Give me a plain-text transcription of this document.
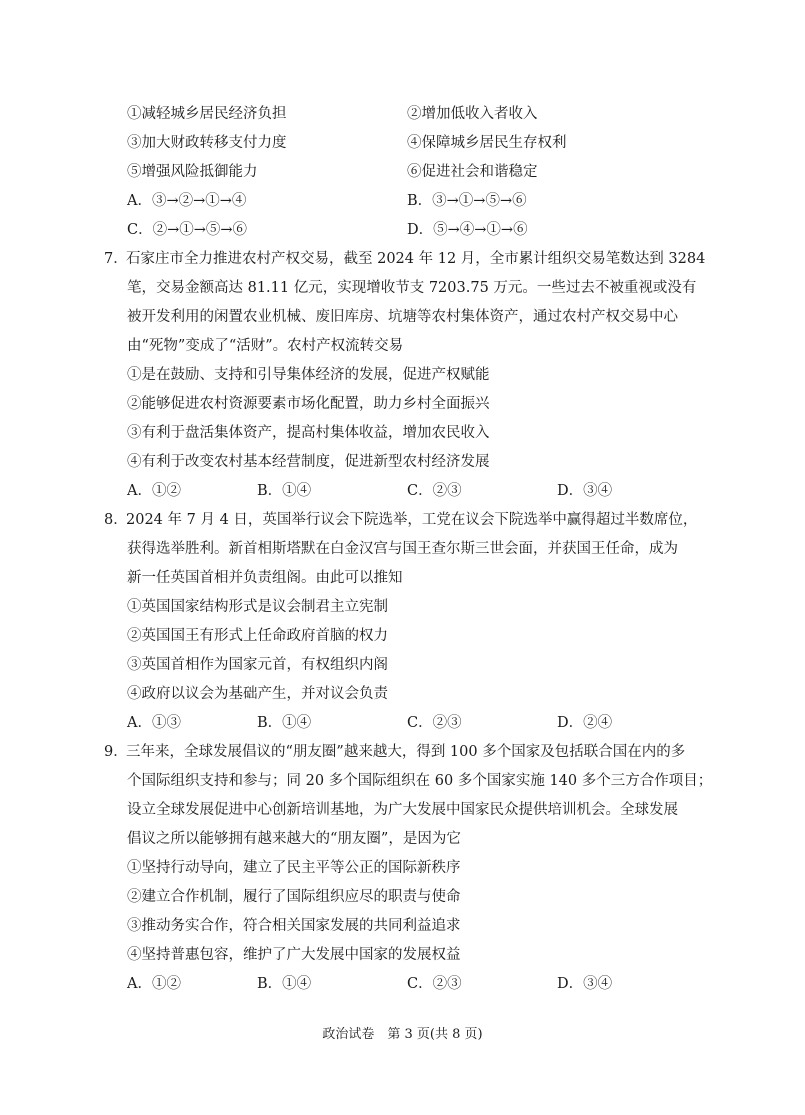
①减轻城乡居民经济负担	②增加低收入者收入
③加大财政转移支付力度	④保障城乡居民生存权利
⑤增强风险抵御能力	⑥促进社会和谐稳定
A．③→②→①→④	B．③→①→⑤→⑥
C．②→①→⑤→⑥	D．⑤→④→①→⑥
7．石家庄市全力推进农村产权交易，截至 2024 年 12 月，全市累计组织交易笔数达到 3284
笔，交易金额高达 81.11 亿元，实现增收节支 7203.75 万元。一些过去不被重视或没有
被开发利用的闲置农业机械、废旧库房、坑塘等农村集体资产，通过农村产权交易中心
由“死物”变成了“活财”。农村产权流转交易
①是在鼓励、支持和引导集体经济的发展，促进产权赋能
②能够促进农村资源要素市场化配置，助力乡村全面振兴
③有利于盘活集体资产，提高村集体收益，增加农民收入
④有利于改变农村基本经营制度，促进新型农村经济发展
A．①②	B．①④	C．②③	D．③④
8．2024 年 7 月 4 日，英国举行议会下院选举，工党在议会下院选举中赢得超过半数席位，
获得选举胜利。新首相斯塔默在白金汉宫与国王查尔斯三世会面，并获国王任命，成为
新一任英国首相并负责组阁。由此可以推知
①英国国家结构形式是议会制君主立宪制
②英国国王有形式上任命政府首脑的权力
③英国首相作为国家元首，有权组织内阁
④政府以议会为基础产生，并对议会负责
A．①③	B．①④	C．②③	D．②④
9．三年来，全球发展倡议的“朋友圈”越来越大，得到 100 多个国家及包括联合国在内的多
个国际组织支持和参与；同 20 多个国际组织在 60 多个国家实施 140 多个三方合作项目；
设立全球发展促进中心创新培训基地，为广大发展中国家民众提供培训机会。全球发展
倡议之所以能够拥有越来越大的“朋友圈”，是因为它
①坚持行动导向，建立了民主平等公正的国际新秩序
②建立合作机制，履行了国际组织应尽的职责与使命
③推动务实合作，符合相关国家发展的共同利益追求
④坚持普惠包容，维护了广大发展中国家的发展权益
A．①②	B．①④	C．②③	D．③④
政治试卷　第 3 页(共 8 页)
